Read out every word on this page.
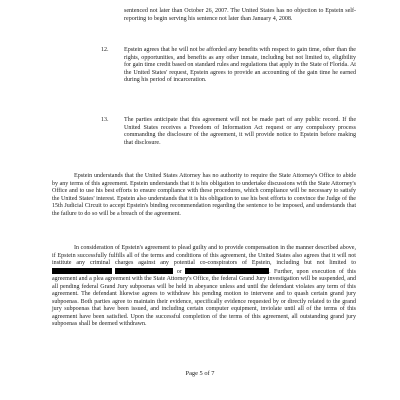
sentenced not later than October 26, 2007. The United States has no objection to Epstein self-reporting to begin serving his sentence not later than January 4, 2008.

12.	Epstein agrees that he will not be afforded any benefits with respect to gain time, other than the rights, opportunities, and benefits as any other inmate, including but not limited to, eligibility for gain time credit based on standard rules and regulations that apply in the State of Florida. At the United States' request, Epstein agrees to provide an accounting of the gain time he earned during his period of incarceration.

13.	The parties anticipate that this agreement will not be made part of any public record. If the United States receives a Freedom of Information Act request or any compulsory process commanding the disclosure of the agreement, it will provide notice to Epstein before making that disclosure.

Epstein understands that the United States Attorney has no authority to require the State Attorney's Office to abide by any terms of this agreement. Epstein understands that it is his obligation to undertake discussions with the State Attorney's Office and to use his best efforts to ensure compliance with these procedures, which compliance will be necessary to satisfy the United States' interest. Epstein also understands that it is his obligation to use his best efforts to convince the Judge of the 15th Judicial Circuit to accept Epstein's binding recommendation regarding the sentence to be imposed, and understands that the failure to do so will be a breach of the agreement.

In consideration of Epstein's agreement to plead guilty and to provide compensation in the manner described above, if Epstein successfully fulfills all of the terms and conditions of this agreement, the United States also agrees that it will not institute any criminal charges against any potential co-conspirators of Epstein, including but not limited to   or	. Further, upon execution of this agreement and a plea agreement with the State Attorney's Office, the federal Grand Jury investigation will be suspended, and all pending federal Grand Jury subpoenas will be held in abeyance unless and until the defendant violates any term of this agreement. The defendant likewise agrees to withdraw his pending motion to intervene and to quash certain grand jury subpoenas. Both parties agree to maintain their evidence, specifically evidence requested by or directly related to the grand jury subpoenas that have been issued, and including certain computer equipment, inviolate until all of the terms of this agreement have been satisfied. Upon the successful completion of the terms of this agreement, all outstanding grand jury subpoenas shall be deemed withdrawn.

Page 5 of 7
